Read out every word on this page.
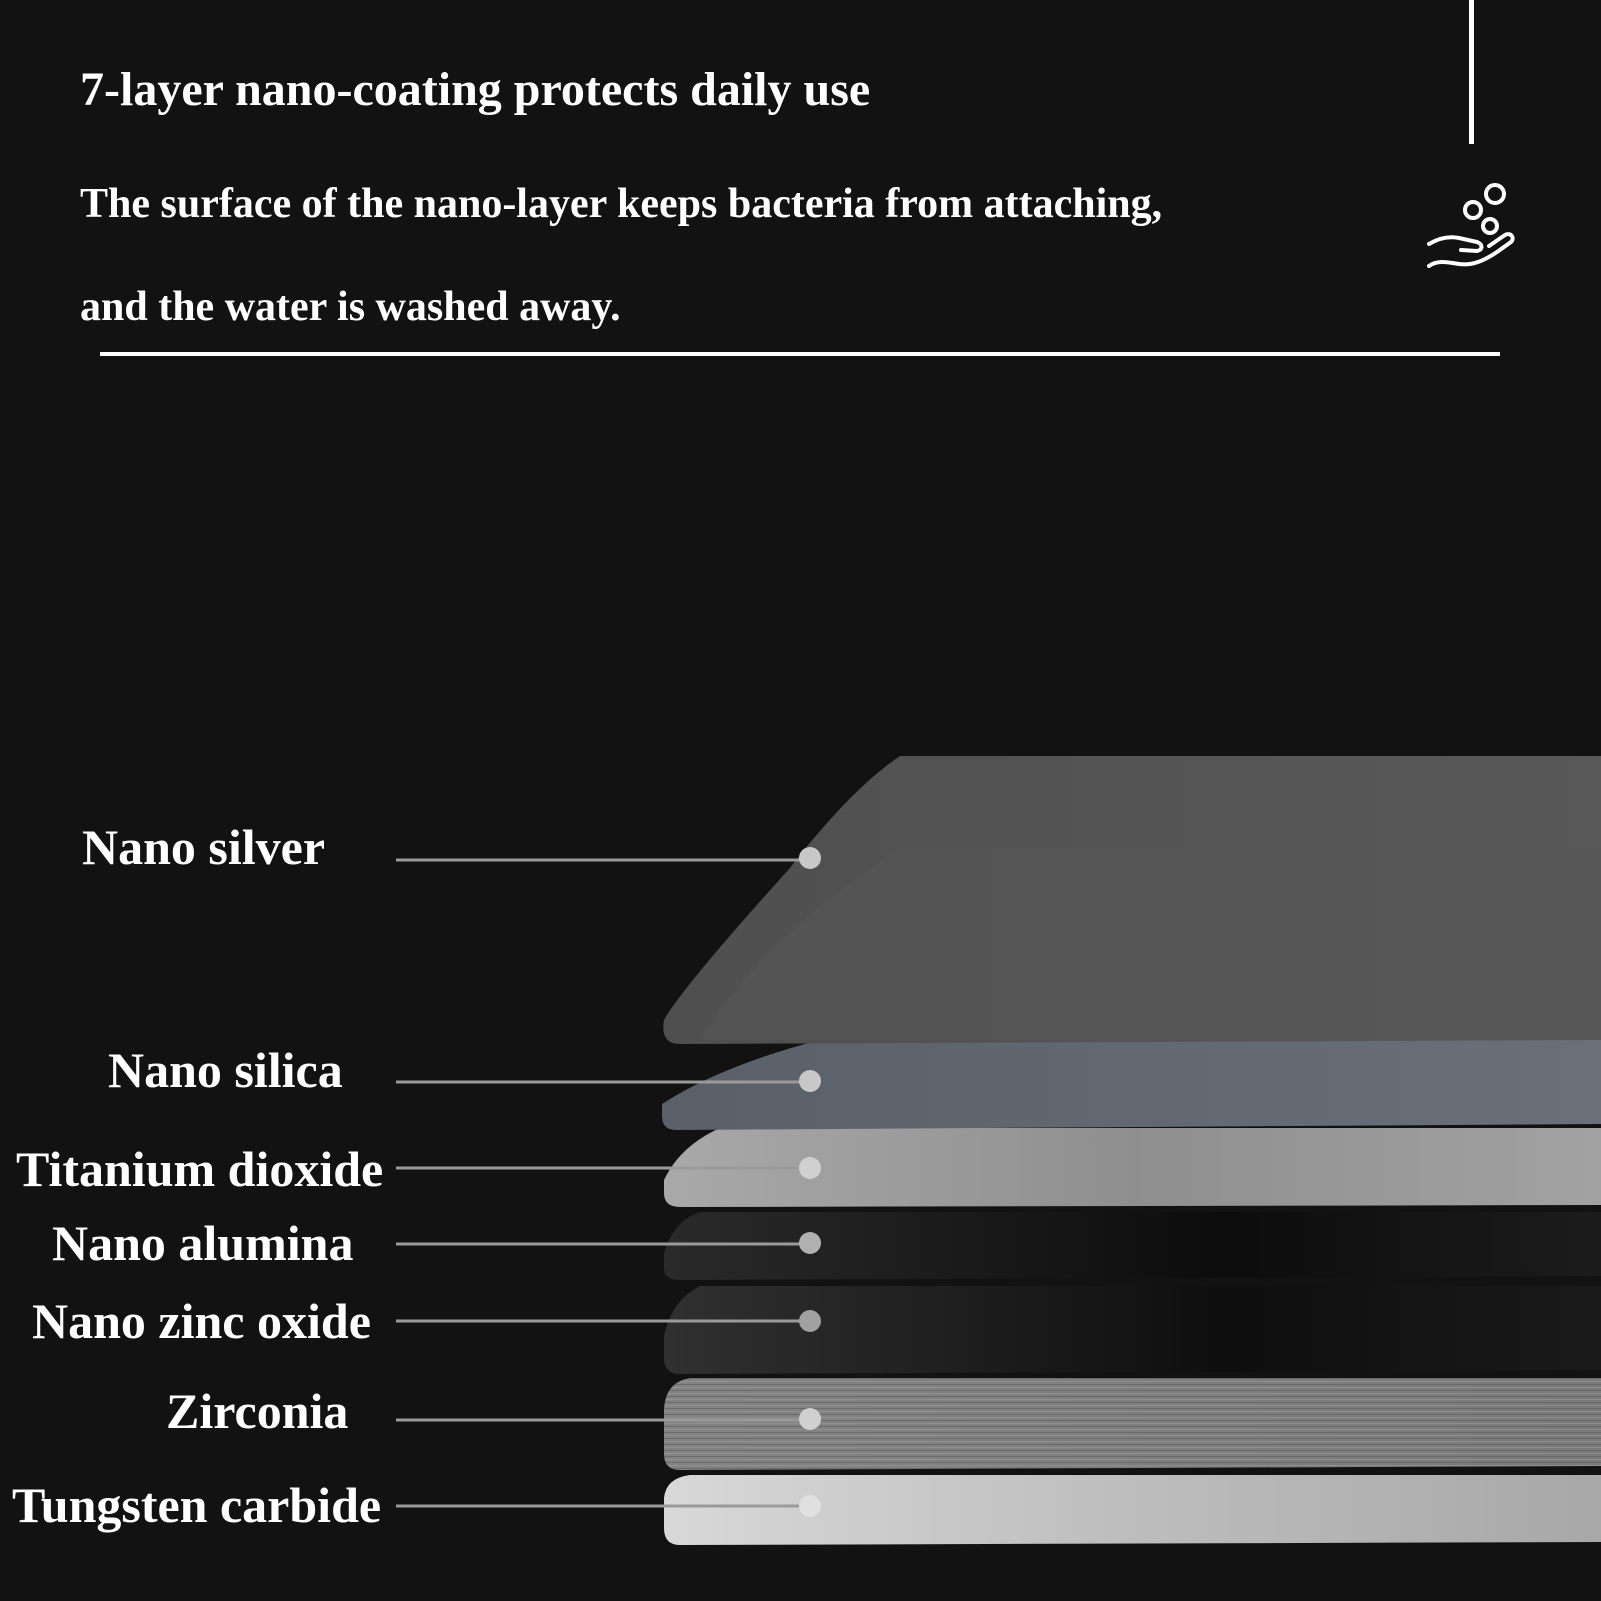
7-layer nano-coating protects daily use

The surface of the nano-layer keeps bacteria from attaching,

and the water is washed away.

Nano silver
Nano silica
Titanium dioxide
Nano alumina
Nano zinc oxide
Zirconia
Tungsten carbide
